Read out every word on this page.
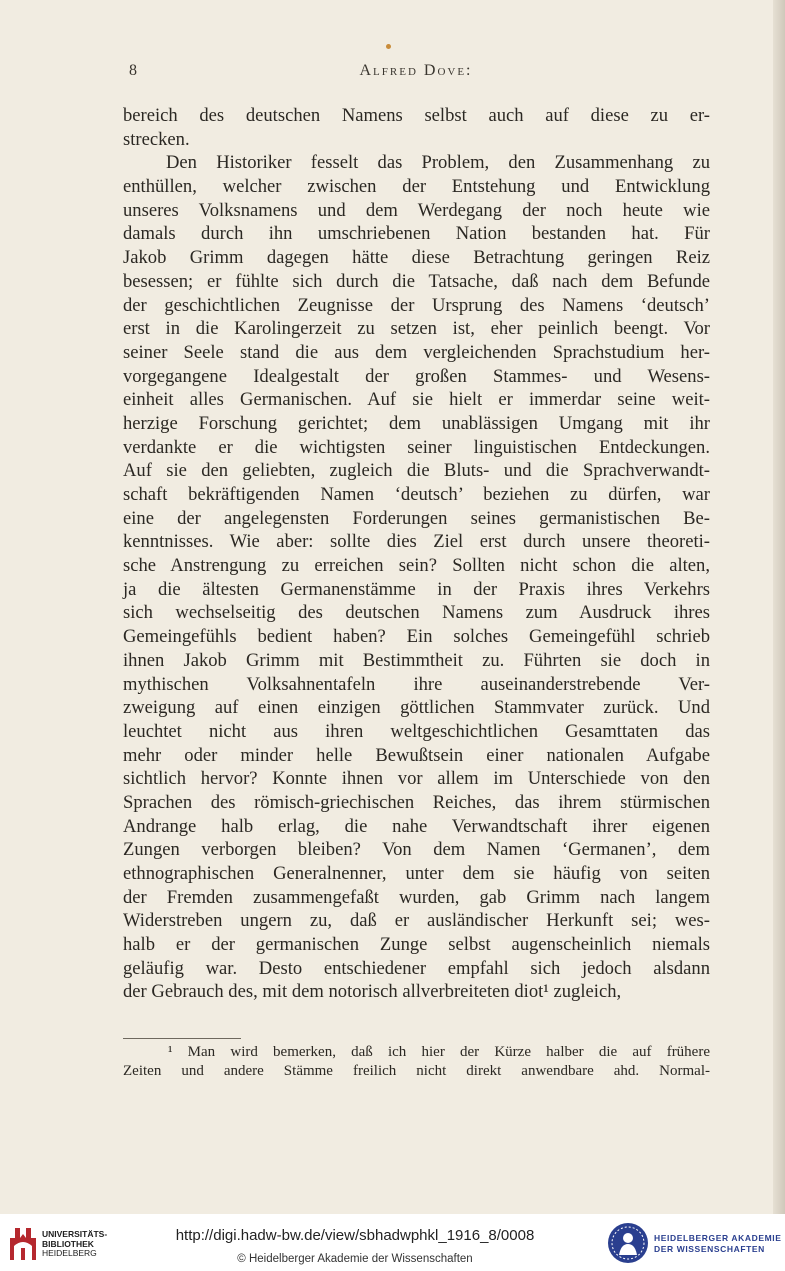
8	Alfred Dove:
bereich des deutschen Namens selbst auch auf diese zu er-
strecken.
Den Historiker fesselt das Problem, den Zusammenhang zu
enthüllen, welcher zwischen der Entstehung und Entwicklung
unseres Volksnamens und dem Werdegang der noch heute wie
damals durch ihn umschriebenen Nation bestanden hat. Für
Jakob Grimm dagegen hätte diese Betrachtung geringen Reiz
besessen; er fühlte sich durch die Tatsache, daß nach dem Befunde
der geschichtlichen Zeugnisse der Ursprung des Namens ‘deutsch’
erst in die Karolingerzeit zu setzen ist, eher peinlich beengt. Vor
seiner Seele stand die aus dem vergleichenden Sprachstudium her-
vorgegangene Idealgestalt der großen Stammes- und Wesens-
einheit alles Germanischen. Auf sie hielt er immerdar seine weit-
herzige Forschung gerichtet; dem unablässigen Umgang mit ihr
verdankte er die wichtigsten seiner linguistischen Entdeckungen.
Auf sie den geliebten, zugleich die Bluts- und die Sprachverwandt-
schaft bekräftigenden Namen ‘deutsch’ beziehen zu dürfen, war
eine der angelegensten Forderungen seines germanistischen Be-
kenntnisses. Wie aber: sollte dies Ziel erst durch unsere theoreti-
sche Anstrengung zu erreichen sein? Sollten nicht schon die alten,
ja die ältesten Germanenstämme in der Praxis ihres Verkehrs
sich wechselseitig des deutschen Namens zum Ausdruck ihres
Gemeingefühls bedient haben? Ein solches Gemeingefühl schrieb
ihnen Jakob Grimm mit Bestimmtheit zu. Führten sie doch in
mythischen Volksahnentafeln ihre auseinanderstrebende Ver-
zweigung auf einen einzigen göttlichen Stammvater zurück. Und
leuchtet nicht aus ihren weltgeschichtlichen Gesamttaten das
mehr oder minder helle Bewußtsein einer nationalen Aufgabe
sichtlich hervor? Konnte ihnen vor allem im Unterschiede von den
Sprachen des römisch-griechischen Reiches, das ihrem stürmischen
Andrange halb erlag, die nahe Verwandtschaft ihrer eigenen
Zungen verborgen bleiben? Von dem Namen ‘Germanen’, dem
ethnographischen Generalnenner, unter dem sie häufig von seiten
der Fremden zusammengefaßt wurden, gab Grimm nach langem
Widerstreben ungern zu, daß er ausländischer Herkunft sei; wes-
halb er der germanischen Zunge selbst augenscheinlich niemals
geläufig war. Desto entschiedener empfahl sich jedoch alsdann
der Gebrauch des, mit dem notorisch allverbreiteten diot¹ zugleich,
¹ Man wird bemerken, daß ich hier der Kürze halber die auf frühere
Zeiten und andere Stämme freilich nicht direkt anwendbare ahd. Normal-
UNIVERSITÄTS-
BIBLIOTHEK
HEIDELBERG
http://digi.hadw-bw.de/view/sbhadwphkl_1916_8/0008
© Heidelberger Akademie der Wissenschaften
HEIDELBERGER AKADEMIE
DER WISSENSCHAFTEN
